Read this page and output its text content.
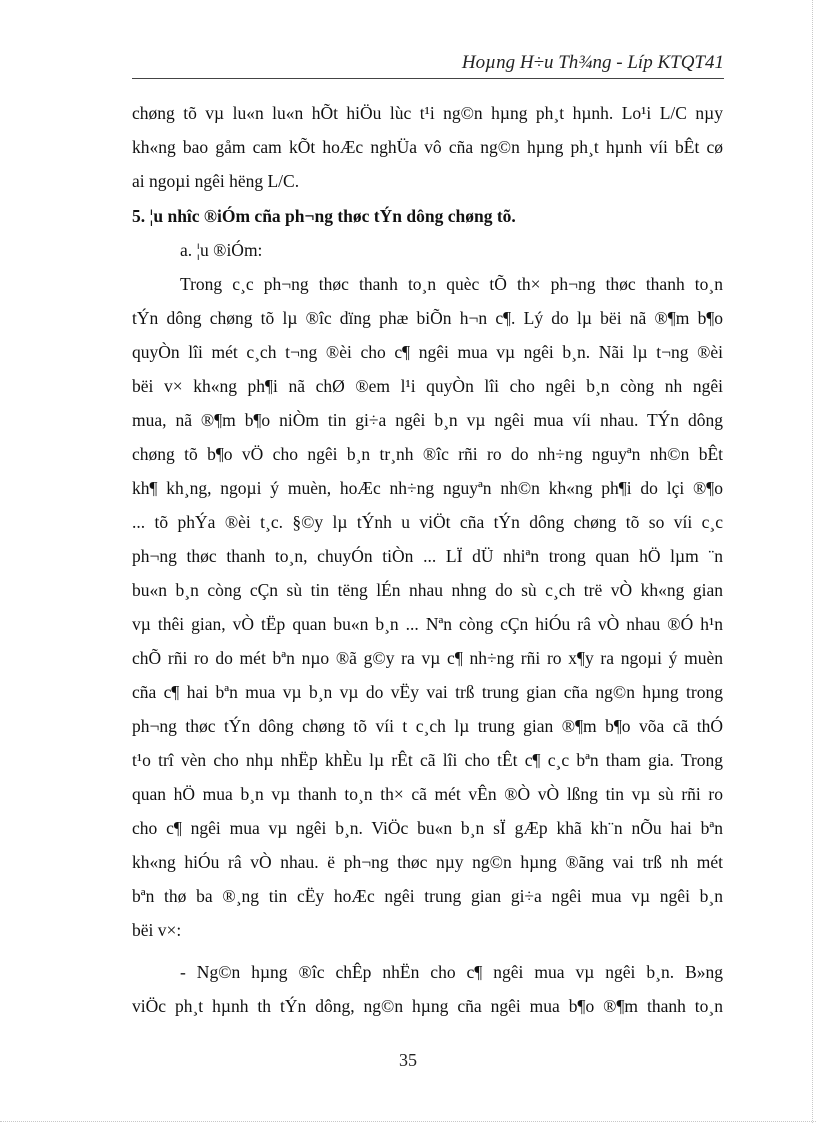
Hoµng H÷u Th¾ng - Líp KTQT41
chøng tõ vµ lu«n lu«n hÕt hiÖu lùc t¹i ng©n hµng ph¸t hµnh. Lo¹i L/C nµy
kh«ng bao gåm cam kÕt hoÆc nghÜa vô cña ng©n hµng ph¸t hµnh víi bÊt cø
ai ngoµi ngêi hëng L/C.
5. ¦u nhîc ®iÓm cña ph¬ng thøc tÝn dông chøng tõ.
a. ¦u ®iÓm:
Trong c¸c ph¬ng thøc thanh to¸n quèc tÕ th× ph¬ng thøc thanh to¸n
tÝn dông chøng tõ lµ ®îc dïng phæ biÕn h¬n c¶. Lý do lµ bëi nã ®¶m b¶o
quyÒn lîi mét c¸ch t¬ng ®èi cho c¶ ngêi mua vµ ngêi b¸n. Nãi lµ t¬ng ®èi
bëi v× kh«ng ph¶i nã chØ ®em l¹i quyÒn lîi cho ngêi b¸n còng nh ngêi
mua, nã ®¶m b¶o niÒm tin gi÷a ngêi b¸n vµ ngêi mua víi nhau. TÝn dông
chøng tõ b¶o vÖ cho ngêi b¸n tr¸nh ®îc rñi ro do nh÷ng nguyªn nh©n bÊt
kh¶ kh¸ng, ngoµi ý muèn, hoÆc nh÷ng nguyªn nh©n kh«ng ph¶i do lçi ®¶o
... tõ phÝa ®èi t¸c. §©y lµ tÝnh u viÖt cña tÝn dông chøng tõ so víi c¸c
ph¬ng thøc thanh to¸n, chuyÓn tiÒn ... LÏ dÜ nhiªn trong quan hÖ lµm ¨n
bu«n b¸n còng cÇn sù tin tëng lÉn nhau nhng do sù c¸ch trë vÒ kh«ng gian
vµ thêi gian, vÒ tËp quan bu«n b¸n ... Nªn còng cÇn hiÓu râ vÒ nhau ®Ó h¹n
chÕ rñi ro do mét bªn nµo ®ã g©y ra vµ c¶ nh÷ng rñi ro x¶y ra ngoµi ý muèn
cña c¶ hai bªn mua vµ b¸n vµ do vËy vai trß trung gian cña ng©n hµng trong
ph¬ng thøc tÝn dông chøng tõ víi t c¸ch lµ trung gian ®¶m b¶o võa cã thÓ
t¹o trî vèn cho nhµ nhËp khÈu lµ rÊt cã lîi cho tÊt c¶ c¸c bªn tham gia. Trong
quan hÖ mua b¸n vµ thanh to¸n th× cã mét vÊn ®Ò vÒ lßng tin vµ sù rñi ro
cho c¶ ngêi mua vµ ngêi b¸n. ViÖc bu«n b¸n sÏ gÆp khã kh¨n nÕu hai bªn
kh«ng hiÓu râ vÒ nhau. ë ph¬ng thøc nµy ng©n hµng ®ãng vai trß nh mét
bªn thø ba ®¸ng tin cËy hoÆc ngêi trung gian gi÷a ngêi mua vµ ngêi b¸n
bëi v×:
- Ng©n hµng ®îc chÊp nhËn cho c¶ ngêi mua vµ ngêi b¸n. B»ng
viÖc ph¸t hµnh th tÝn dông, ng©n hµng cña ngêi mua b¶o ®¶m thanh to¸n
35
